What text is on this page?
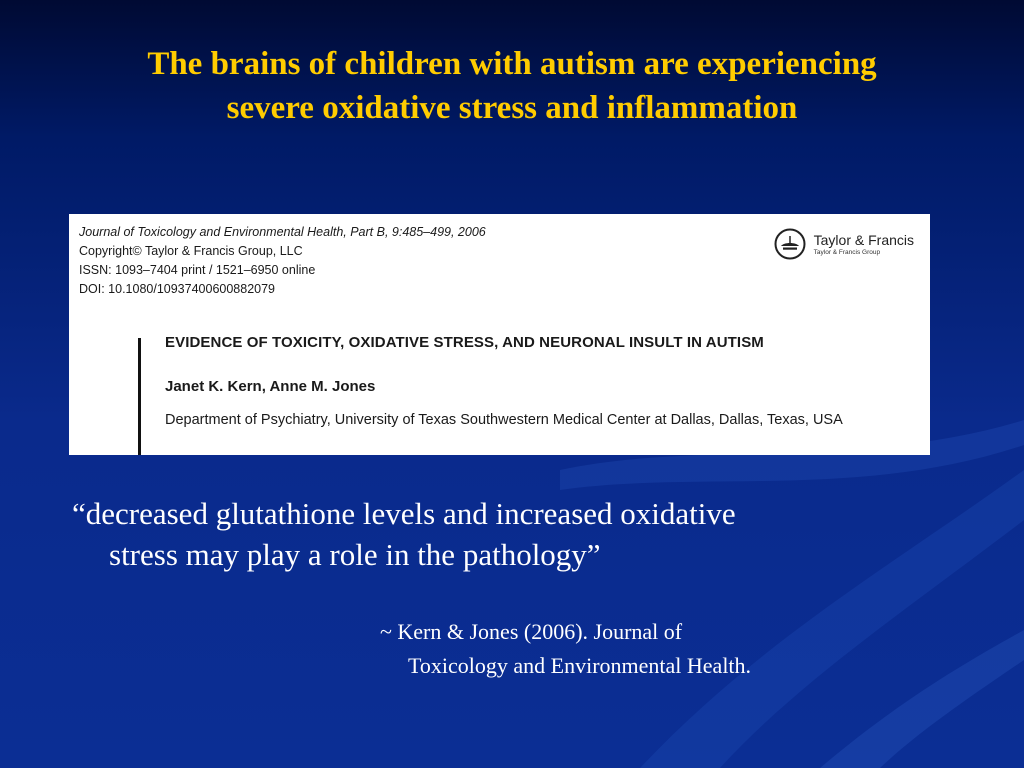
The brains of children with autism are experiencing
severe oxidative stress and inflammation
Journal of Toxicology and Environmental Health, Part B, 9:485–499, 2006
Copyright© Taylor & Francis Group, LLC
ISSN: 1093–7404 print / 1521–6950 online
DOI: 10.1080/10937400600882079
Taylor & Francis
Taylor & Francis Group
EVIDENCE OF TOXICITY, OXIDATIVE STRESS, AND NEURONAL INSULT IN AUTISM
Janet K. Kern, Anne M. Jones
Department of Psychiatry, University of Texas Southwestern Medical Center at Dallas, Dallas, Texas, USA
“decreased glutathione levels and increased oxidative
stress may play a role in the pathology”
~ Kern & Jones (2006). Journal of
Toxicology and Environmental Health.
